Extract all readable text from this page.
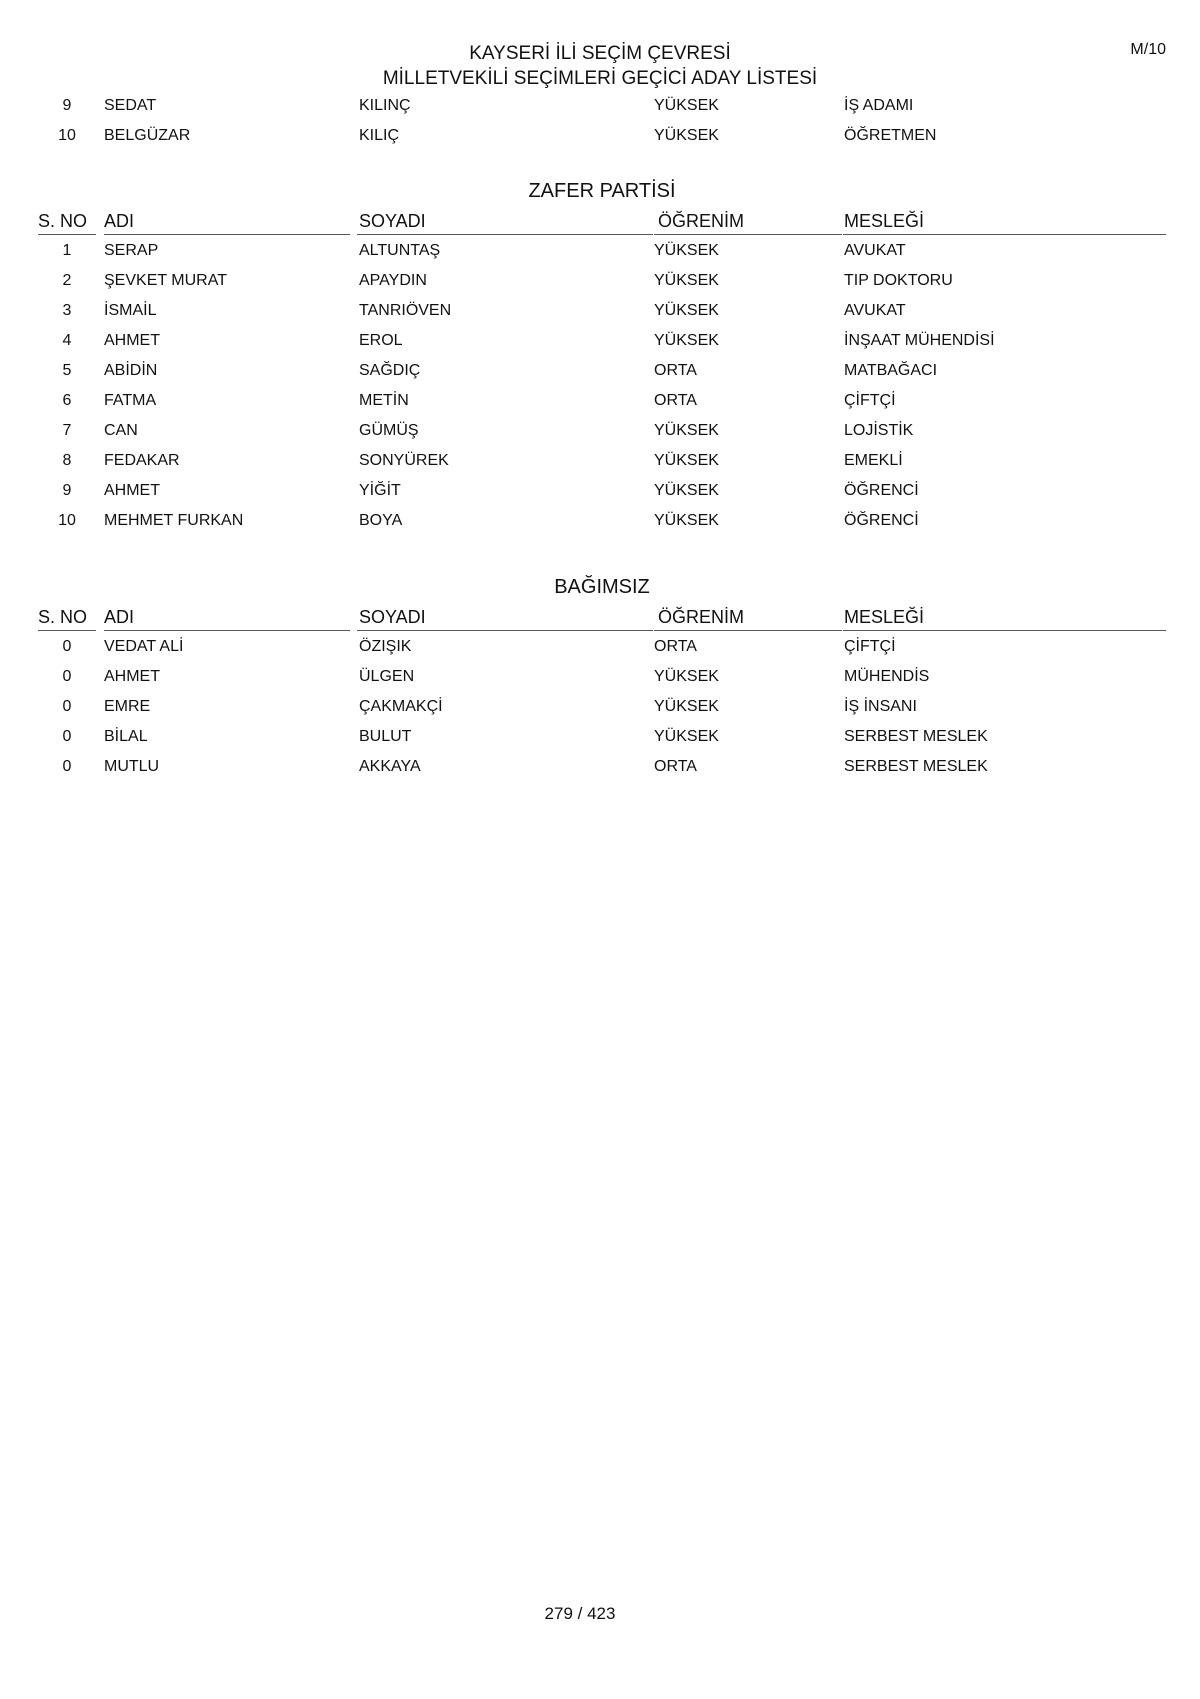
M/10
KAYSERİ İLİ SEÇİM ÇEVRESİ
MİLLETVEKİLİ SEÇİMLERİ GEÇİCİ ADAY LİSTESİ
9	SEDAT	KILINÇ	YÜKSEK	İŞ ADAMI
10	BELGÜZAR	KILIÇ	YÜKSEK	ÖĞRETMEN
ZAFER PARTİSİ
S. NO ADI	SOYADI	ÖĞRENİM	MESLEĞİ
1	SERAP	ALTUNTAŞ	YÜKSEK	AVUKAT
2	ŞEVKET MURAT	APAYDIN	YÜKSEK	TIP DOKTORU
3	İSMAİL	TANRIÖVEN	YÜKSEK	AVUKAT
4	AHMET	EROL	YÜKSEK	İNŞAAT MÜHENDİSİ
5	ABİDİN	SAĞDIÇ	ORTA	MATBAĞACI
6	FATMA	METİN	ORTA	ÇİFTÇİ
7	CAN	GÜMÜŞ	YÜKSEK	LOJİSTİK
8	FEDAKAR	SONYÜREK	YÜKSEK	EMEKLİ
9	AHMET	YİĞİT	YÜKSEK	ÖĞRENCİ
10	MEHMET FURKAN	BOYA	YÜKSEK	ÖĞRENCİ
BAĞIMSIZ
S. NO ADI	SOYADI	ÖĞRENİM	MESLEĞİ
0	VEDAT ALİ	ÖZIŞIK	ORTA	ÇİFTÇİ
0	AHMET	ÜLGEN	YÜKSEK	MÜHENDİS
0	EMRE	ÇAKMAKÇİ	YÜKSEK	İŞ İNSANI
0	BİLAL	BULUT	YÜKSEK	SERBEST MESLEK
0	MUTLU	AKKAYA	ORTA	SERBEST MESLEK
279 / 423
